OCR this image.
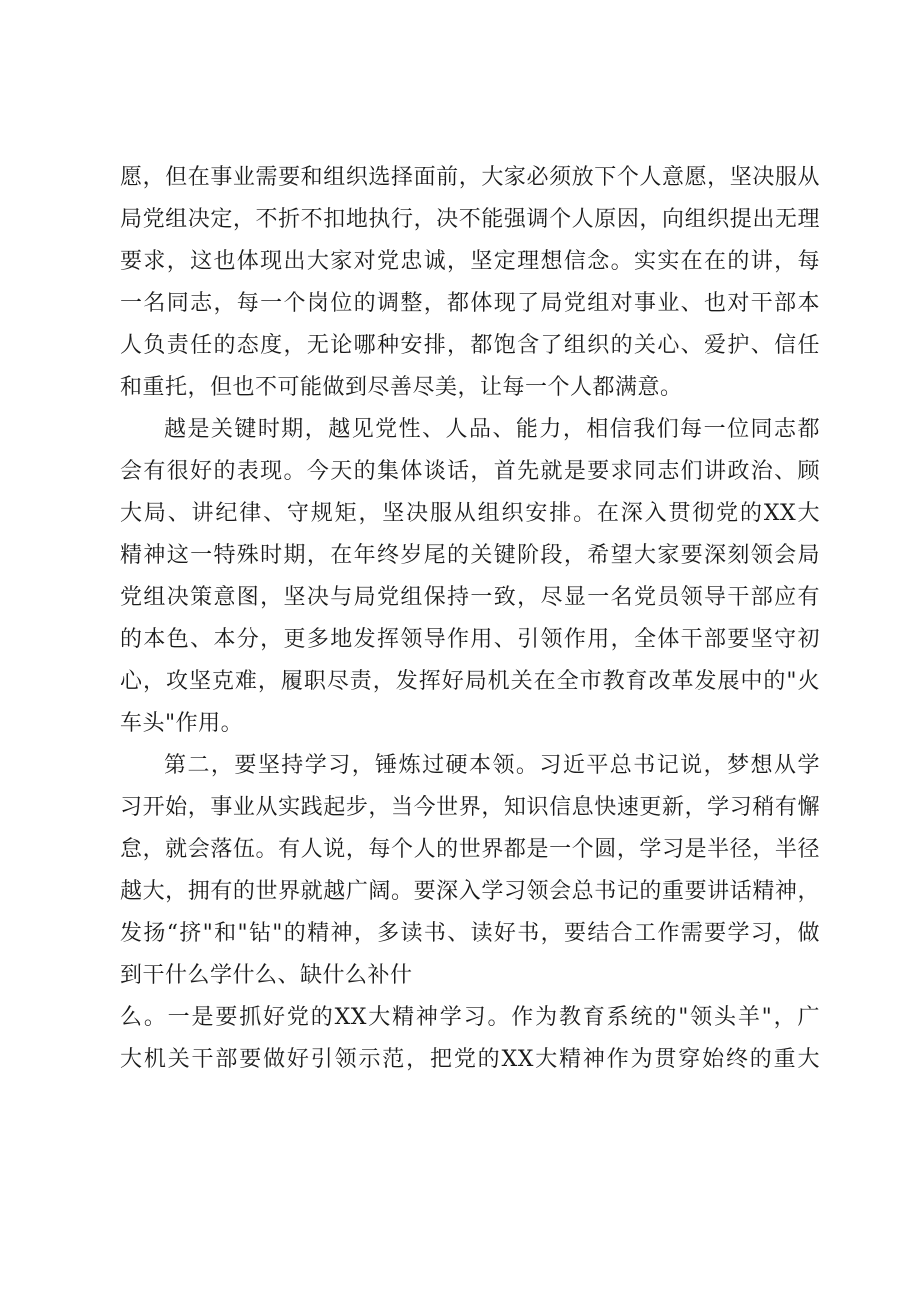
愿，但在事业需要和组织选择面前，大家必须放下个人意愿，坚决服从
局党组决定，不折不扣地执行，决不能强调个人原因，向组织提出无理
要求，这也体现出大家对党忠诚，坚定理想信念。实实在在的讲，每
一名同志，每一个岗位的调整，都体现了局党组对事业、也对干部本
人负责任的态度，无论哪种安排，都饱含了组织的关心、爱护、信任
和重托，但也不可能做到尽善尽美，让每一个人都满意。
越是关键时期，越见党性、人品、能力，相信我们每一位同志都
会有很好的表现。今天的集体谈话，首先就是要求同志们讲政治、顾
大局、讲纪律、守规矩，坚决服从组织安排。在深入贯彻党的XX大
精神这一特殊时期，在年终岁尾的关键阶段，希望大家要深刻领会局
党组决策意图，坚决与局党组保持一致，尽显一名党员领导干部应有
的本色、本分，更多地发挥领导作用、引领作用，全体干部要坚守初
心，攻坚克难，履职尽责，发挥好局机关在全市教育改革发展中的"火
车头"作用。
第二，要坚持学习，锤炼过硬本领。习近平总书记说，梦想从学
习开始，事业从实践起步，当今世界，知识信息快速更新，学习稍有懈
怠，就会落伍。有人说，每个人的世界都是一个圆，学习是半径，半径
越大，拥有的世界就越广阔。要深入学习领会总书记的重要讲话精神，
发扬“挤"和"钻"的精神，多读书、读好书，要结合工作需要学习，做
到干什么学什么、缺什么补什
么。一是要抓好党的XX大精神学习。作为教育系统的"领头羊"，广
大机关干部要做好引领示范，把党的XX大精神作为贯穿始终的重大
